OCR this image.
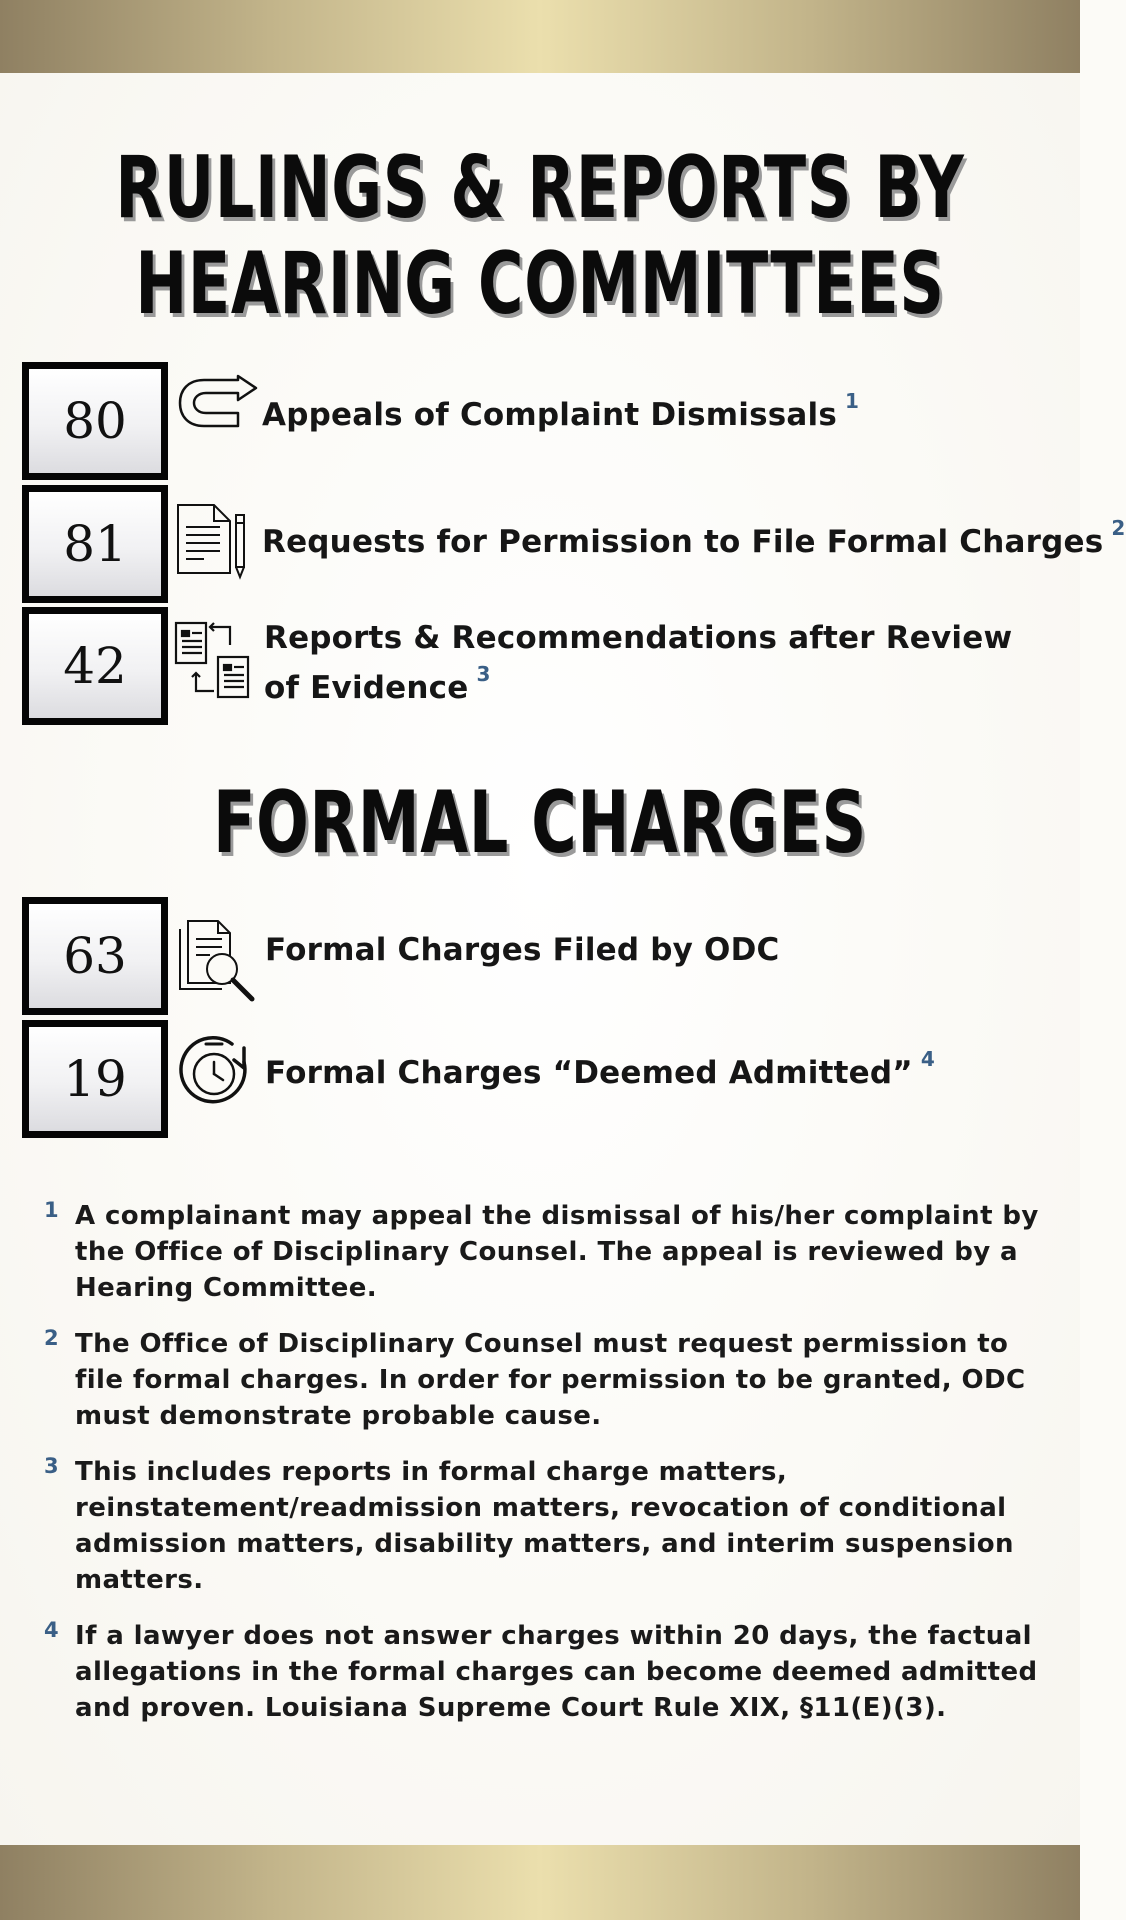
RULINGS & REPORTS BY HEARING COMMITTEES
80	Appeals of Complaint Dismissals $^1$
81	Requests for Permission to File Formal Charges $^2$
42	Reports & Recommendations after Review of Evidence $^3$
FORMAL CHARGES
63	Formal Charges Filed by ODC
19	Formal Charges “Deemed Admitted” $^4$
1 A complainant may appeal the dismissal of his/her complaint by the Office of Disciplinary Counsel. The appeal is reviewed by a Hearing Committee.
2 The Office of Disciplinary Counsel must request permission to file formal charges. In order for permission to be granted, ODC must demonstrate probable cause.
3 This includes reports in formal charge matters, reinstatement/readmission matters, revocation of conditional admission matters, disability matters, and interim suspension matters.
4 If a lawyer does not answer charges within 20 days, the factual allegations in the formal charges can become deemed admitted and proven. Louisiana Supreme Court Rule XIX, §11(E)(3).
